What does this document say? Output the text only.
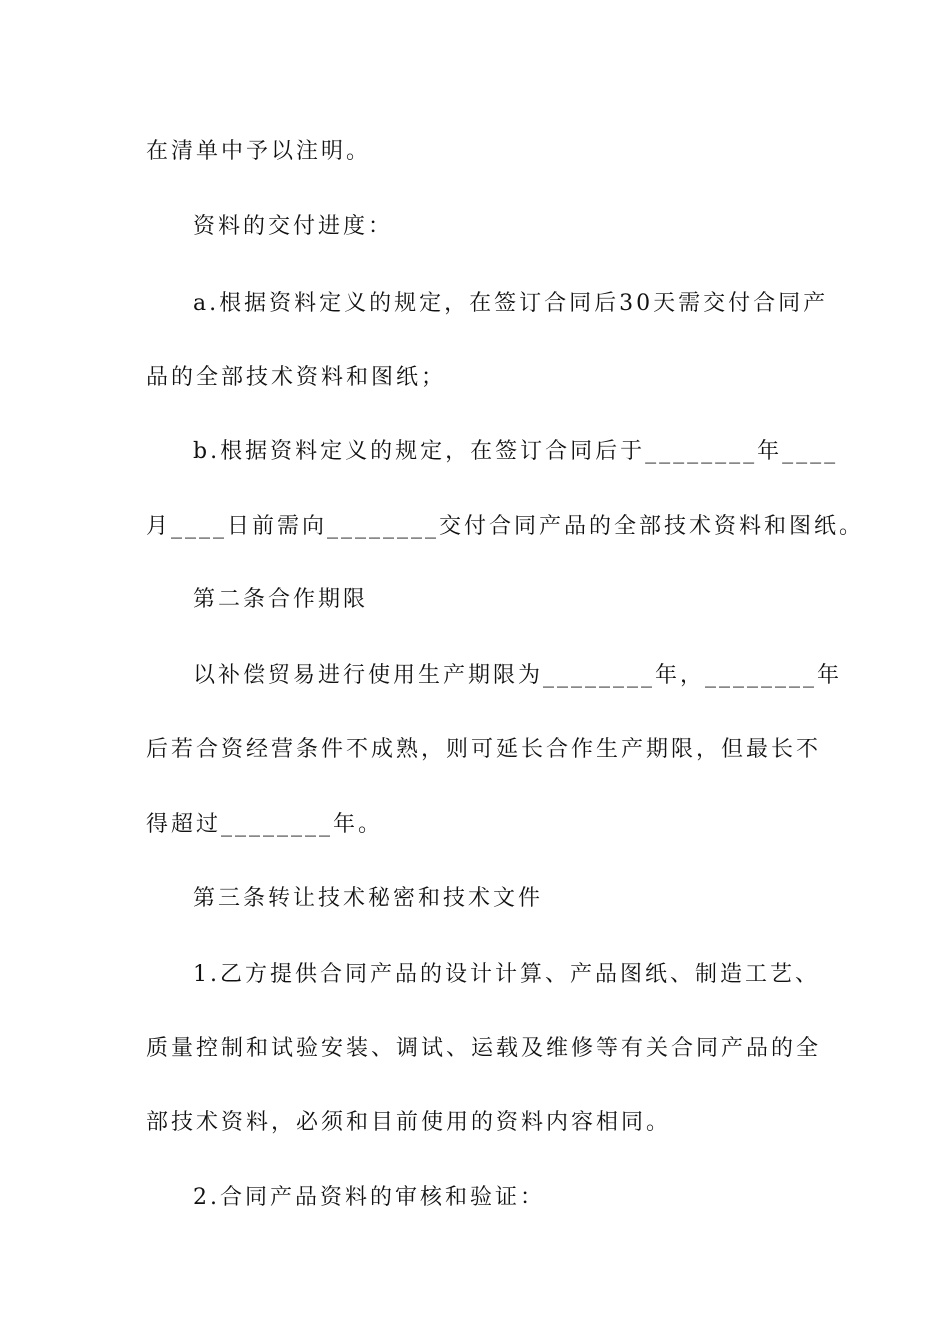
在清单中予以注明。
资料的交付进度：
a.根据资料定义的规定，在签订合同后30天需交付合同产
品的全部技术资料和图纸；
b.根据资料定义的规定，在签订合同后于________年____
月____日前需向________交付合同产品的全部技术资料和图纸。
第二条合作期限
以补偿贸易进行使用生产期限为________年，________年
后若合资经营条件不成熟，则可延长合作生产期限，但最长不
得超过________年。
第三条转让技术秘密和技术文件
1.乙方提供合同产品的设计计算、产品图纸、制造工艺、
质量控制和试验安装、调试、运载及维修等有关合同产品的全
部技术资料，必须和目前使用的资料内容相同。
2.合同产品资料的审核和验证：
